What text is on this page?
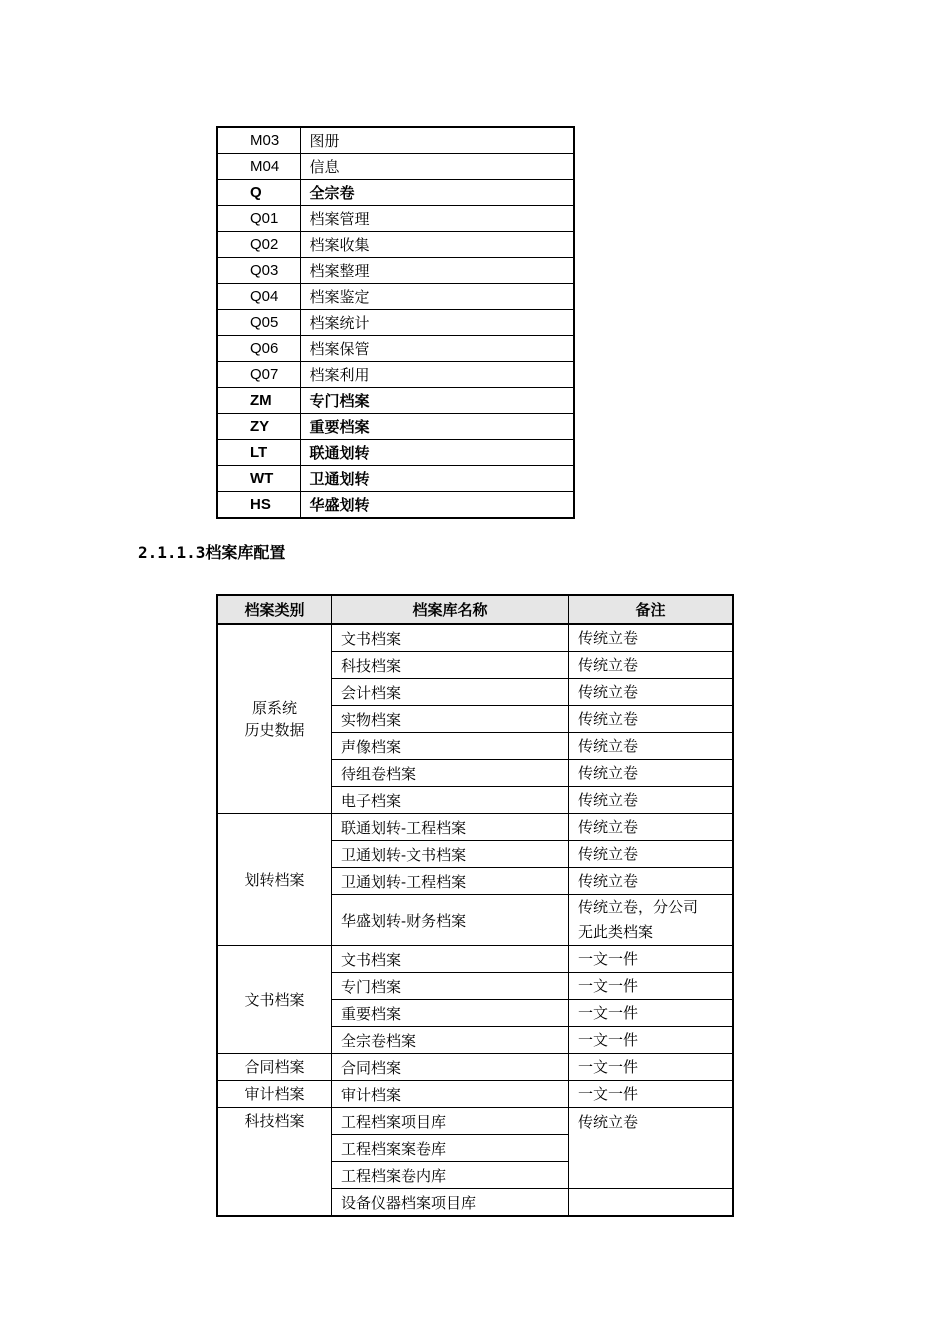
M03	图册
M04	信息
Q	全宗卷
Q01	档案管理
Q02	档案收集
Q03	档案整理
Q04	档案鉴定
Q05	档案统计
Q06	档案保管
Q07	档案利用
ZM	专门档案
ZY	重要档案
LT	联通划转
WT	卫通划转
HS	华盛划转
2.1.1.3档案库配置
档案类别	档案库名称	备注

原系统
历史数据	文书档案	传统立卷
	科技档案	传统立卷
	会计档案	传统立卷
	实物档案	传统立卷
	声像档案	传统立卷
	待组卷档案	传统立卷
	电子档案	传统立卷

划转档案	联通划转-工程档案	传统立卷
	卫通划转-文书档案	传统立卷
	卫通划转-工程档案	传统立卷
	华盛划转-财务档案	传统立卷，分公司
无此类档案

文书档案	文书档案	一文一件
	专门档案	一文一件
	重要档案	一文一件
	全宗卷档案	一文一件

合同档案	合同档案	一文一件

审计档案	审计档案	一文一件
科技档案	工程档案项目库	传统立卷
	工程档案案卷库	
	工程档案卷内库	
	设备仪器档案项目库	
